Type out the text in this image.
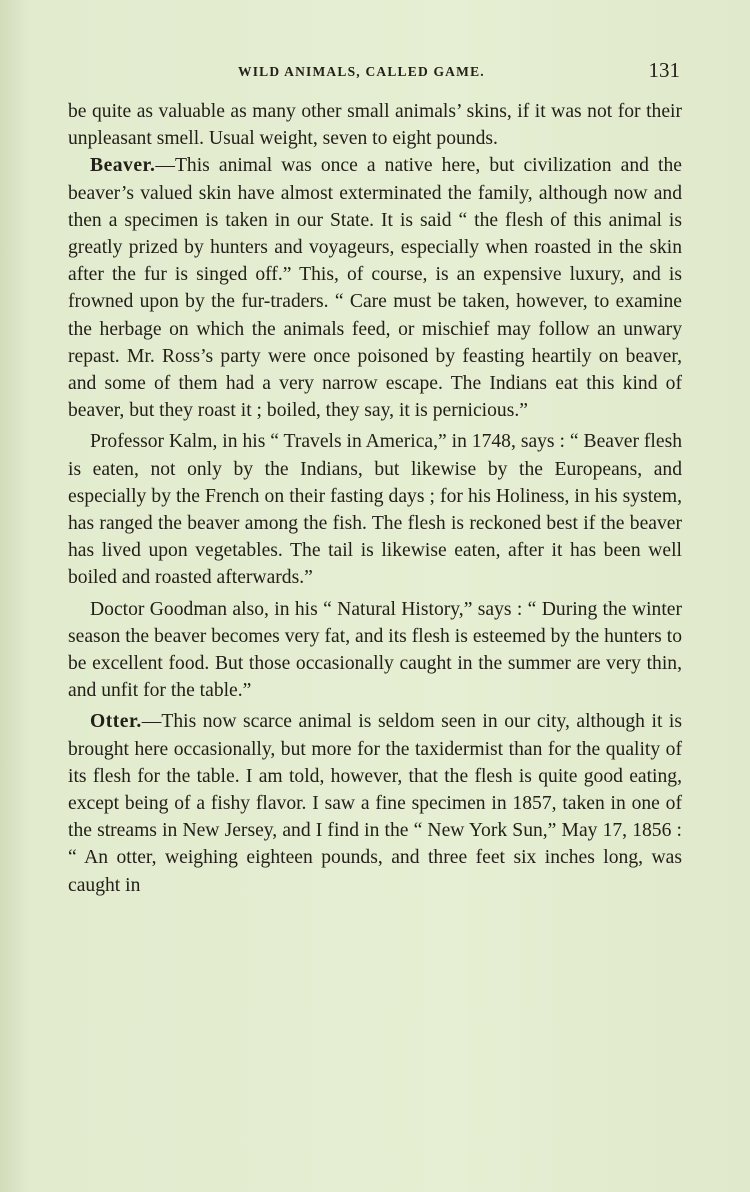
WILD ANIMALS, CALLED GAME.	131

be quite as valuable as many other small animals’ skins, if it was not for their unpleasant smell. Usual weight, seven to eight pounds.

Beaver.—This animal was once a native here, but civilization and the beaver’s valued skin have almost exterminated the family, although now and then a specimen is taken in our State. It is said “ the flesh of this animal is greatly prized by hunters and voyageurs, especially when roasted in the skin after the fur is singed off.” This, of course, is an expensive luxury, and is frowned upon by the fur-traders. “ Care must be taken, however, to examine the herbage on which the animals feed, or mischief may follow an unwary repast. Mr. Ross’s party were once poisoned by feasting heartily on beaver, and some of them had a very narrow escape. The Indians eat this kind of beaver, but they roast it ; boiled, they say, it is pernicious.”

Professor Kalm, in his “ Travels in America,” in 1748, says : “ Beaver flesh is eaten, not only by the Indians, but likewise by the Europeans, and especially by the French on their fasting days ; for his Holiness, in his system, has ranged the beaver among the fish. The flesh is reckoned best if the beaver has lived upon vegetables. The tail is likewise eaten, after it has been well boiled and roasted afterwards.”

Doctor Goodman also, in his “ Natural History,” says : “ During the winter season the beaver becomes very fat, and its flesh is esteemed by the hunters to be excellent food. But those occasionally caught in the summer are very thin, and unfit for the table.”

Otter.—This now scarce animal is seldom seen in our city, although it is brought here occasionally, but more for the taxidermist than for the quality of its flesh for the table. I am told, however, that the flesh is quite good eating, except being of a fishy flavor. I saw a fine specimen in 1857, taken in one of the streams in New Jersey, and I find in the “ New York Sun,” May 17, 1856 : “ An otter, weighing eighteen pounds, and three feet six inches long, was caught in
